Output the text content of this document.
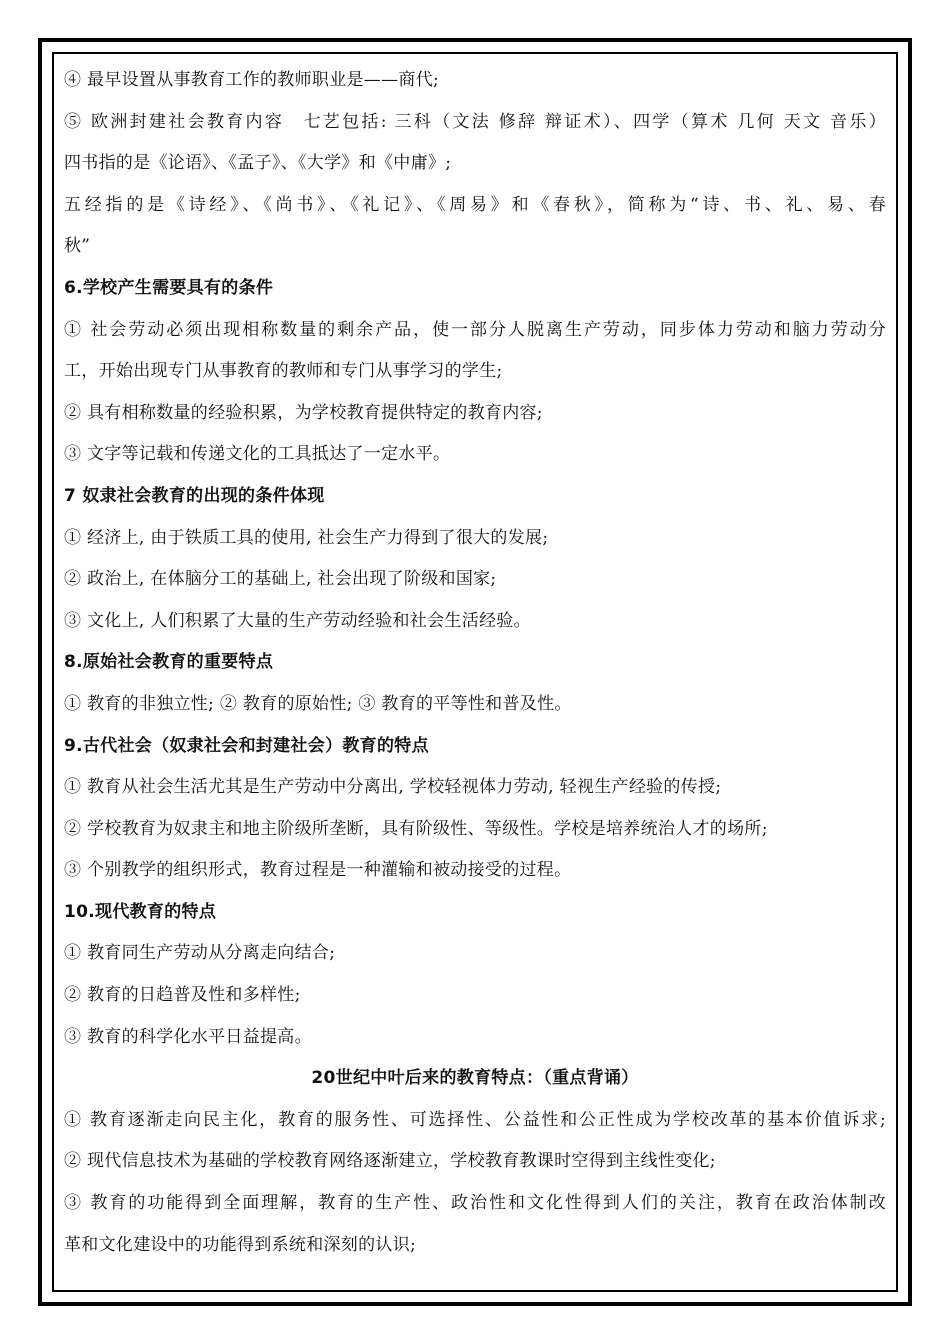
④ 最早设置从事教育工作的教师职业是——商代;
⑤ 欧洲封建社会教育内容　七艺包括: 三科（文法 修辞 辩证术）、四学（算术 几何 天文 音乐）
四书指的是《论语》、《孟子》、《大学》和《中庸》;
五经指的是《诗经》、《尚书》、《礼记》、《周易》和《春秋》，简称为“诗、书、礼、易、春
秋”
6.学校产生需要具有的条件
① 社会劳动必须出现相称数量的剩余产品，使一部分人脱离生产劳动，同步体力劳动和脑力劳动分
工，开始出现专门从事教育的教师和专门从事学习的学生;
② 具有相称数量的经验积累，为学校教育提供特定的教育内容;
③ 文字等记载和传递文化的工具抵达了一定水平。
7 奴隶社会教育的出现的条件体现
① 经济上, 由于铁质工具的使用, 社会生产力得到了很大的发展;
② 政治上, 在体脑分工的基础上, 社会出现了阶级和国家;
③ 文化上, 人们积累了大量的生产劳动经验和社会生活经验。
8.原始社会教育的重要特点
① 教育的非独立性; ② 教育的原始性; ③ 教育的平等性和普及性。
9.古代社会（奴隶社会和封建社会）教育的特点
① 教育从社会生活尤其是生产劳动中分离出, 学校轻视体力劳动, 轻视生产经验的传授;
② 学校教育为奴隶主和地主阶级所垄断，具有阶级性、等级性。学校是培养统治人才的场所;
③ 个别教学的组织形式，教育过程是一种灌输和被动接受的过程。
10.现代教育的特点
① 教育同生产劳动从分离走向结合;
② 教育的日趋普及性和多样性;
③ 教育的科学化水平日益提高。
20世纪中叶后来的教育特点：（重点背诵）
① 教育逐渐走向民主化，教育的服务性、可选择性、公益性和公正性成为学校改革的基本价值诉求;
② 现代信息技术为基础的学校教育网络逐渐建立，学校教育教课时空得到主线性变化;
③ 教育的功能得到全面理解，教育的生产性、政治性和文化性得到人们的关注，教育在政治体制改
革和文化建设中的功能得到系统和深刻的认识;
